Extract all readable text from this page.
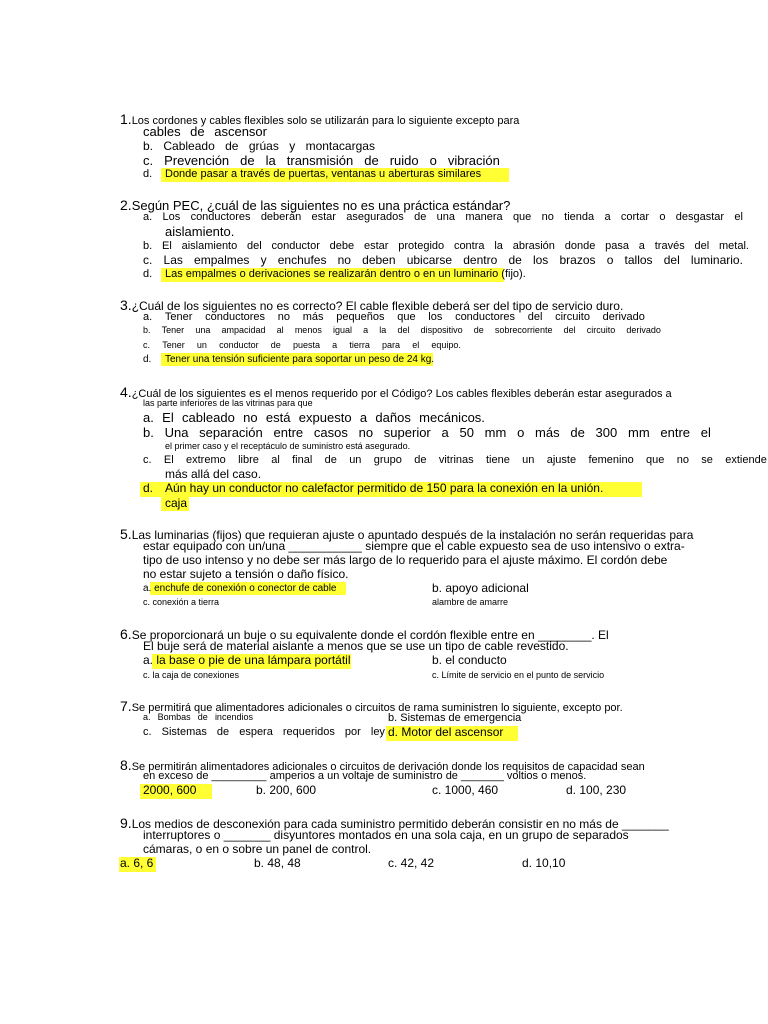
1.Los cordones y cables flexibles solo se utilizarán para lo siguiente excepto para
cables de ascensor
b. Cableado de grúas y montacargas
c. Prevención de la transmisión de ruido o vibración
d. Donde pasar a través de puertas, ventanas u aberturas similares
2.Según PEC, ¿cuál de las siguientes no es una práctica estándar?
a. Los conductores deberán estar asegurados de una manera que no tienda a cortar o desgastar el
aislamiento.
b. El aislamiento del conductor debe estar protegido contra la abrasión donde pasa a través del metal.
c. Las empalmes y enchufes no deben ubicarse dentro de los brazos o tallos del luminario.
d. Las empalmes o derivaciones se realizarán dentro o en un luminario (fijo).
3.¿Cuál de los siguientes no es correcto? El cable flexible deberá ser del tipo de servicio duro.
a. Tener conductores no más pequeños que los conductores del circuito derivado
b. Tener una ampacidad al menos igual a la del dispositivo de sobrecorriente del circuito derivado
c. Tener un conductor de puesta a tierra para el equipo.
d. Tener una tensión suficiente para soportar un peso de 24 kg.
4.¿Cuál de los siguientes es el menos requerido por el Código? Los cables flexibles deberán estar asegurados a
las parte inferiores de las vitrinas para que
a. El cableado no está expuesto a daños mecánicos.
b. Una separación entre casos no superior a 50 mm o más de 300 mm entre el
el primer caso y el receptáculo de suministro está asegurado.
c. El extremo libre al final de un grupo de vitrinas tiene un ajuste femenino que no se extiende
más allá del caso.
d. Aún hay un conductor no calefactor permitido de 150 para la conexión en la unión.
caja
5.Las luminarias (fijos) que requieran ajuste o apuntado después de la instalación no serán requeridas para
estar equipado con un/una ___________ siempre que el cable expuesto sea de uso intensivo o extra-
tipo de uso intenso y no debe ser más largo de lo requerido para el ajuste máximo. El cordón debe
no estar sujeto a tensión o daño físico.
a. enchufe de conexión o conector de cable	b. apoyo adicional
c. conexión a tierra	alambre de amarre
6.Se proporcionará un buje o su equivalente donde el cordón flexible entre en ________. El
El buje será de material aislante a menos que se use un tipo de cable revestido.
a. la base o pie de una lámpara portátil	b. el conducto
c. la caja de conexiones	c. Límite de servicio en el punto de servicio
7.Se permitirá que alimentadores adicionales o circuitos de rama suministren lo siguiente, excepto por.
a. Bombas de incendios	b. Sistemas de emergencia
c. Sistemas de espera requeridos por ley d. Motor del ascensor
8.Se permitirán alimentadores adicionales o circuitos de derivación donde los requisitos de capacidad sean
en exceso de _________ amperios a un voltaje de suministro de _______ voltios o menos.
2000, 600	b. 200, 600	c. 1000, 460	d. 100, 230
9.Los medios de desconexión para cada suministro permitido deberán consistir en no más de _______
interruptores o _______ disyuntores montados en una sola caja, en un grupo de separados
cámaras, o en o sobre un panel de control.
a. 6, 6	b. 48, 48	c. 42, 42	d. 10,10
